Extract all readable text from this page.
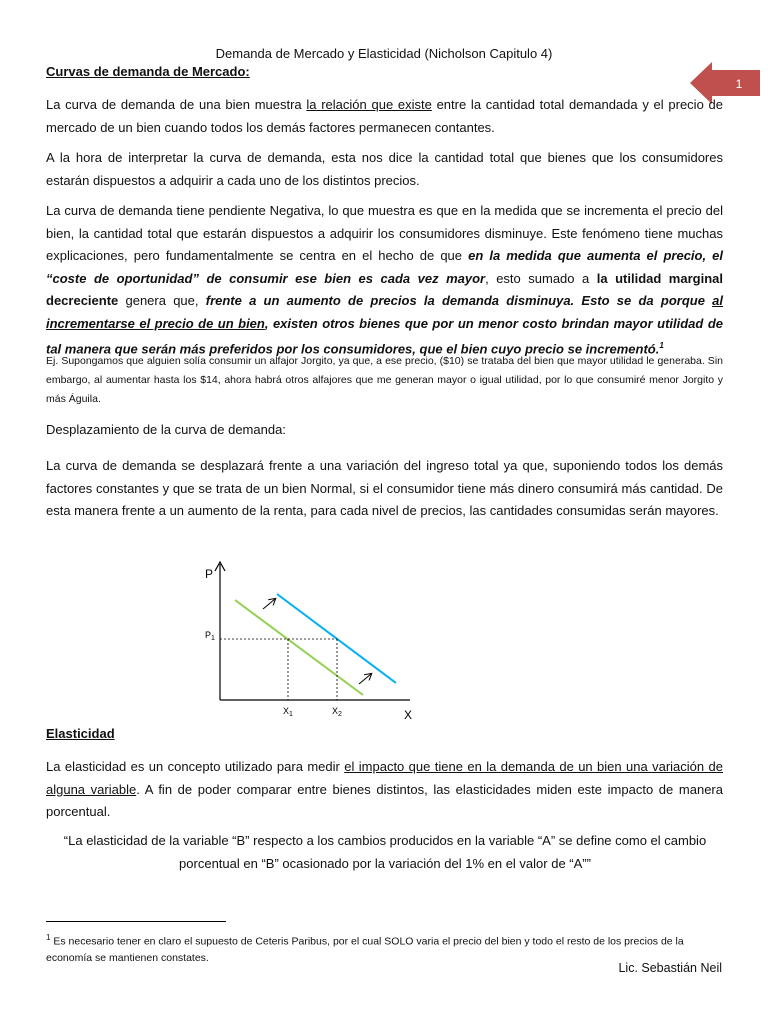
Demanda de Mercado y Elasticidad (Nicholson Capitulo 4)
1
Curvas de demanda de Mercado:
La curva de demanda de una bien muestra la relación que existe entre la cantidad total demandada y el precio de mercado de un bien cuando todos los demás factores permanecen contantes.
A la hora de interpretar la curva de demanda, esta nos dice la cantidad total que bienes que los consumidores estarán dispuestos a adquirir a cada uno de los distintos precios.
La curva de demanda tiene pendiente Negativa, lo que muestra es que en la medida que se incrementa el precio del bien, la cantidad total que estarán dispuestos a adquirir los consumidores disminuye. Este fenómeno tiene muchas explicaciones, pero fundamentalmente se centra en el hecho de que en la medida que aumenta el precio, el “coste de oportunidad” de consumir ese bien es cada vez mayor, esto sumado a la utilidad marginal decreciente genera que, frente a un aumento de precios la demanda disminuya. Esto se da porque al incrementarse el precio de un bien, existen otros bienes que por un menor costo brindan mayor utilidad de tal manera que serán más preferidos por los consumidores, que el bien cuyo precio se incrementó.$^1$
Ej. Supongamos que alguien solía consumir un alfajor Jorgito, ya que, a ese precio, ($10) se trataba del bien que mayor utilidad le generaba. Sin embargo, al aumentar hasta los $14, ahora habrá otros alfajores que me generan mayor o igual utilidad, por lo que consumiré menor Jorgito y más Águila.
Desplazamiento de la curva de demanda:
La curva de demanda se desplazará frente a una variación del ingreso total ya que, suponiendo todos los demás factores constantes y que se trata de un bien Normal, si el consumidor tiene más dinero consumirá más cantidad. De esta manera frente a un aumento de la renta, para cada nivel de precios, las cantidades consumidas serán mayores.
P
X
$P_1$
$X_1$	$X_2$
Elasticidad
La elasticidad es un concepto utilizado para medir el impacto que tiene en la demanda de un bien una variación de alguna variable. A fin de poder comparar entre bienes distintos, las elasticidades miden este impacto de manera porcentual.
“La elasticidad de la variable “B” respecto a los cambios producidos en la variable “A” se define como el cambio
porcentual en “B” ocasionado por la variación del 1% en el valor de “A””
$^1$ Es necesario tener en claro el supuesto de Ceteris Paribus, por el cual SOLO varia el precio del bien y todo el resto de los precios de la economía se mantienen constates.
Lic. Sebastián Neil
